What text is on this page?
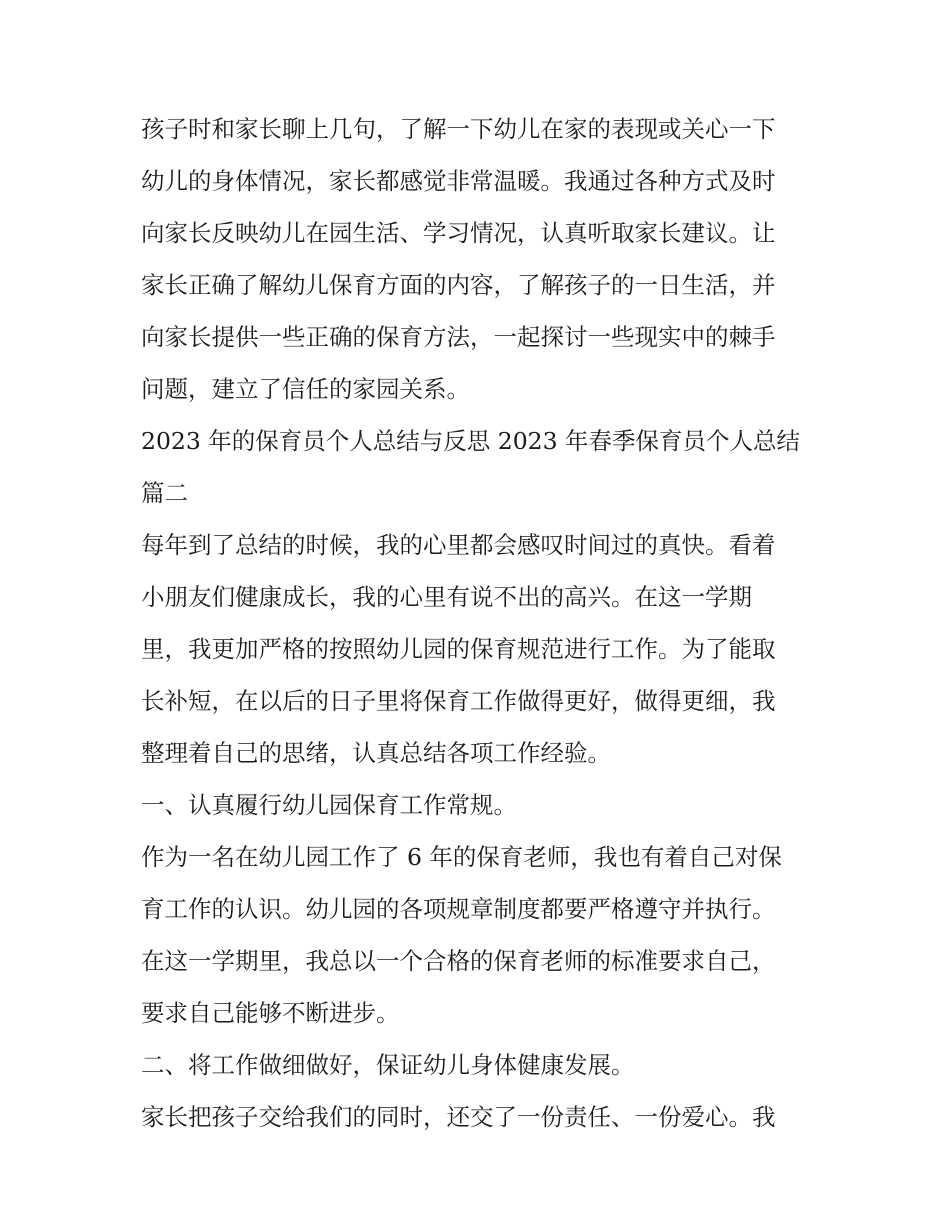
孩子时和家长聊上几句，了解一下幼儿在家的表现或关心一下
幼儿的身体情况，家长都感觉非常温暖。我通过各种方式及时
向家长反映幼儿在园生活、学习情况，认真听取家长建议。让
家长正确了解幼儿保育方面的内容，了解孩子的一日生活，并
向家长提供一些正确的保育方法，一起探讨一些现实中的棘手
问题，建立了信任的家园关系。
2023 年的保育员个人总结与反思 2023 年春季保育员个人总结
篇二
每年到了总结的时候，我的心里都会感叹时间过的真快。看着
小朋友们健康成长，我的心里有说不出的高兴。在这一学期
里，我更加严格的按照幼儿园的保育规范进行工作。为了能取
长补短，在以后的日子里将保育工作做得更好，做得更细，我
整理着自己的思绪，认真总结各项工作经验。
一、认真履行幼儿园保育工作常规。
作为一名在幼儿园工作了 6 年的保育老师，我也有着自己对保
育工作的认识。幼儿园的各项规章制度都要严格遵守并执行。
在这一学期里，我总以一个合格的保育老师的标准要求自己，
要求自己能够不断进步。
二、将工作做细做好，保证幼儿身体健康发展。
家长把孩子交给我们的同时，还交了一份责任、一份爱心。我
